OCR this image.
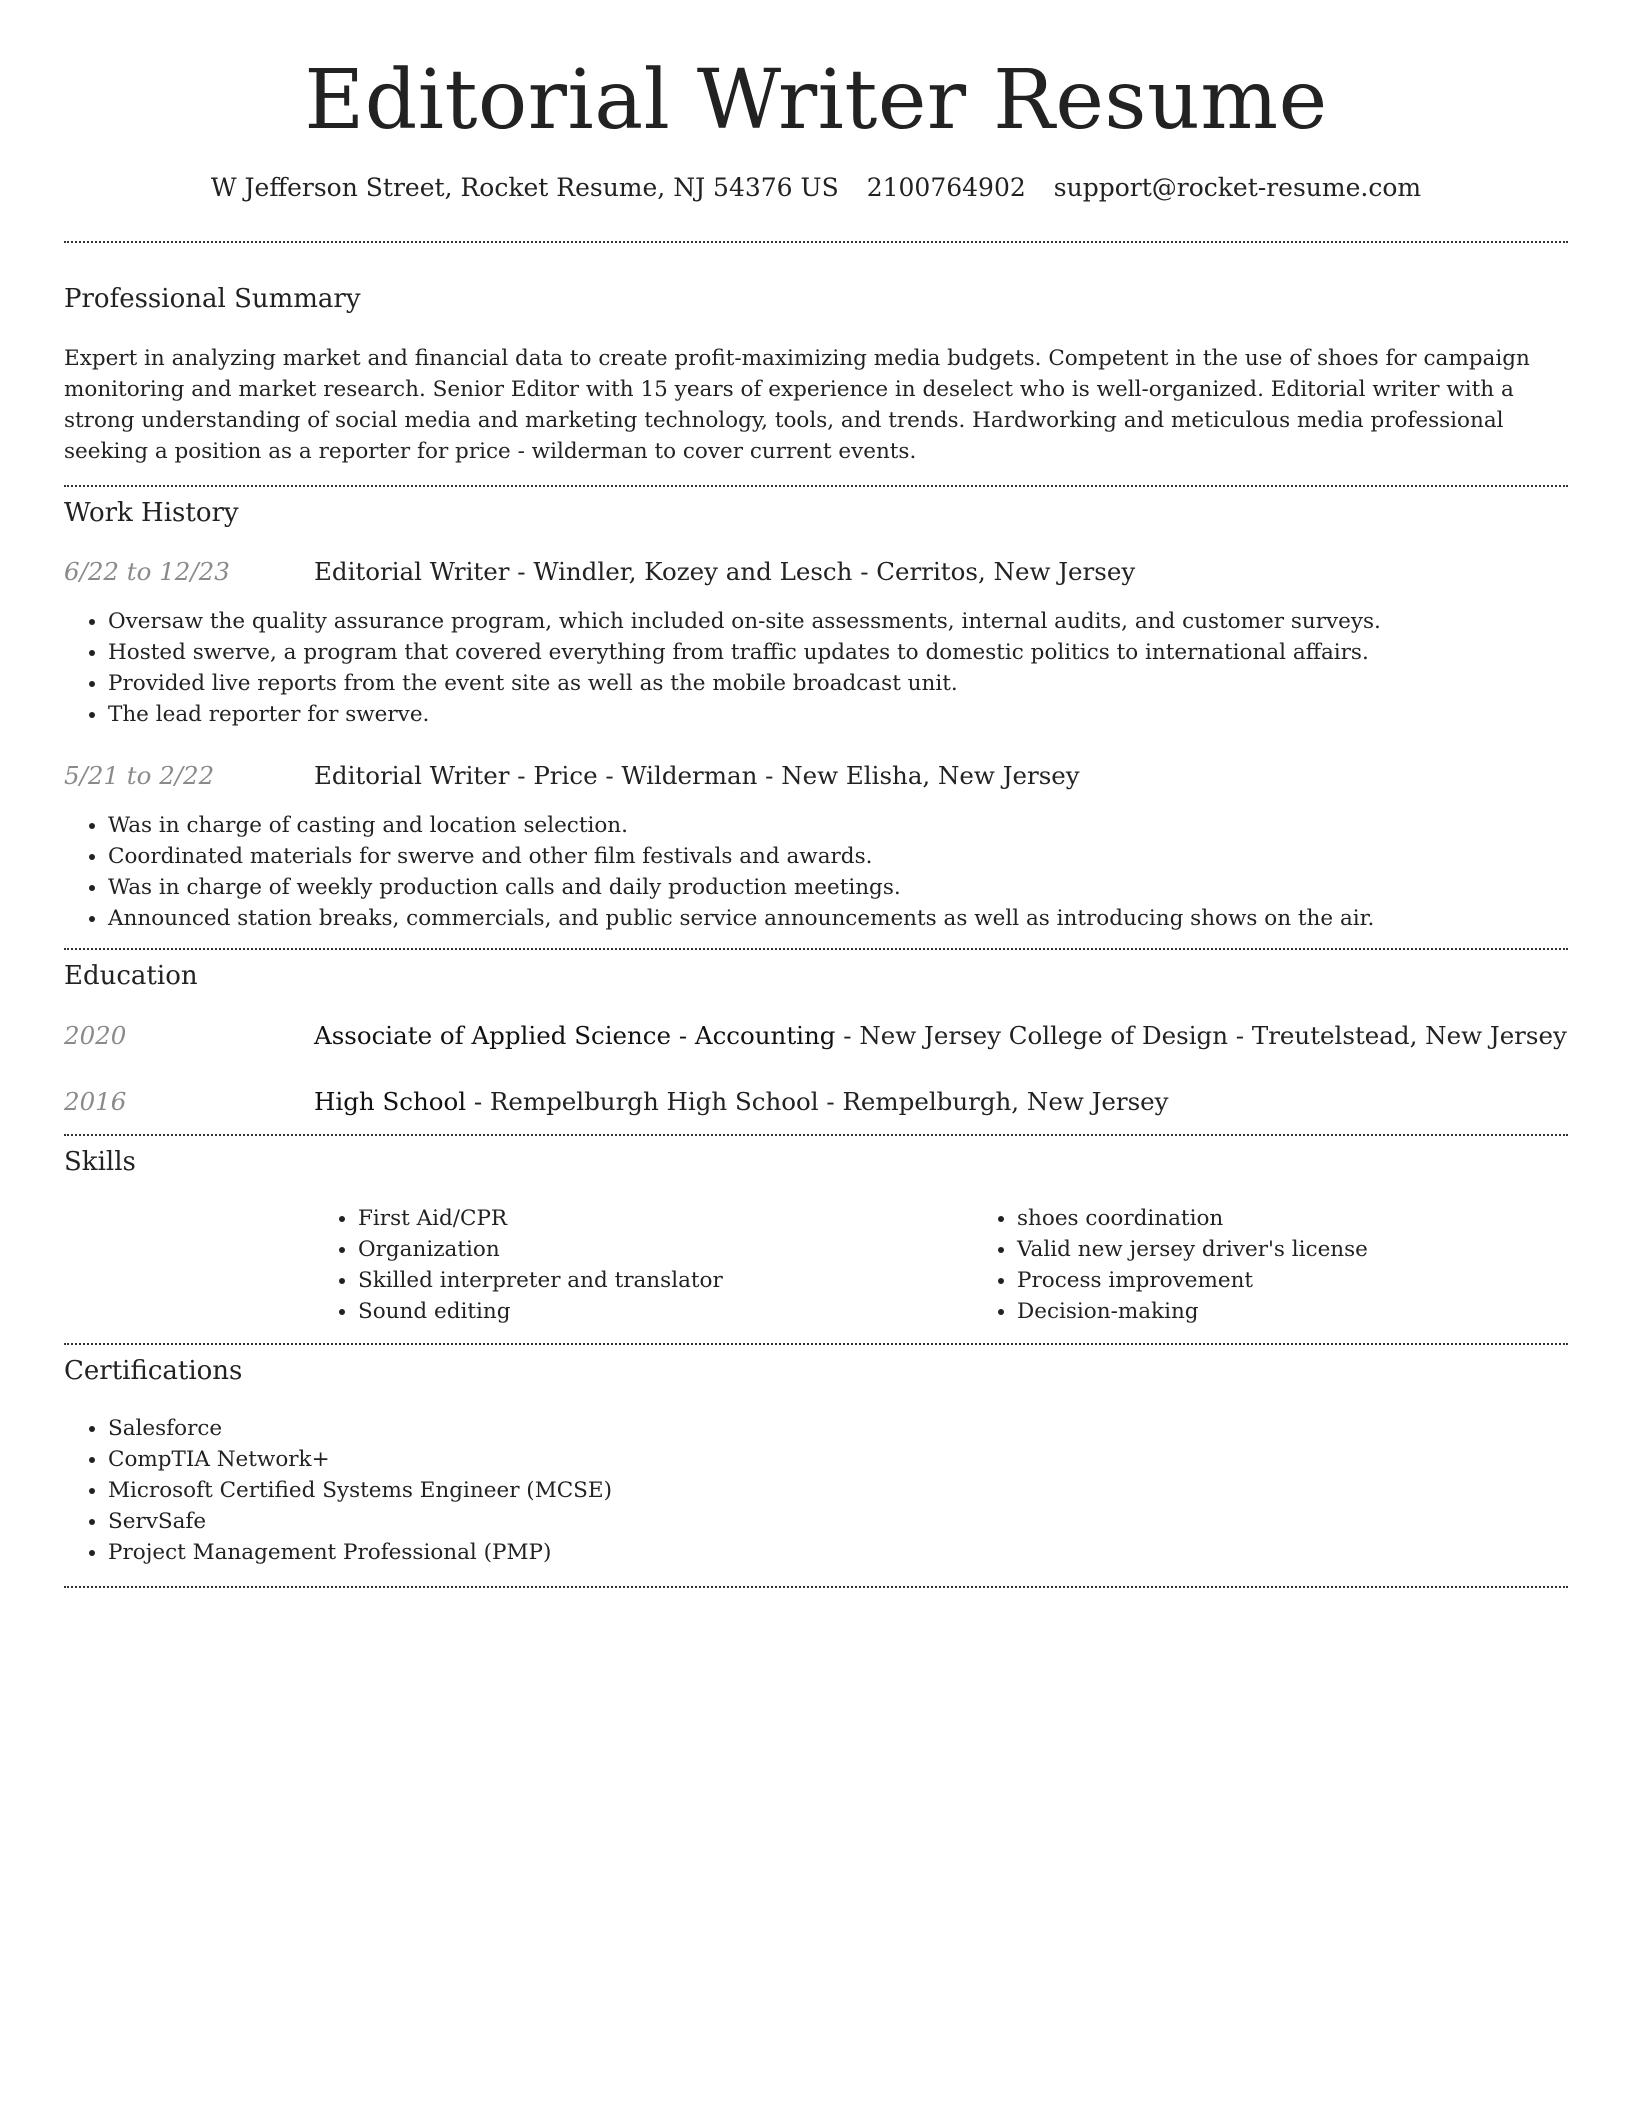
Editorial Writer Resume
W Jefferson Street, Rocket Resume, NJ 54376 US 2100764902 support@rocket-resume.com
Professional Summary

Expert in analyzing market and financial data to create profit-maximizing media budgets. Competent in the use of shoes for campaign monitoring and market research. Senior Editor with 15 years of experience in deselect who is well-organized. Editorial writer with a strong understanding of social media and marketing technology, tools, and trends. Hardworking and meticulous media professional seeking a position as a reporter for price - wilderman to cover current events.

Work History
6/22 to 12/23	Editorial Writer - Windler, Kozey and Lesch - Cerritos, New Jersey
• Oversaw the quality assurance program, which included on-site assessments, internal audits, and customer surveys.
• Hosted swerve, a program that covered everything from traffic updates to domestic politics to international affairs.
• Provided live reports from the event site as well as the mobile broadcast unit.
• The lead reporter for swerve.
5/21 to 2/22	Editorial Writer - Price - Wilderman - New Elisha, New Jersey
• Was in charge of casting and location selection.
• Coordinated materials for swerve and other film festivals and awards.
• Was in charge of weekly production calls and daily production meetings.
• Announced station breaks, commercials, and public service announcements as well as introducing shows on the air.
Education
2020	Associate of Applied Science - Accounting - New Jersey College of Design - Treutelstead, New Jersey
2016	High School - Rempelburgh High School - Rempelburgh, New Jersey
Skills
• First Aid/CPR
• Organization
• Skilled interpreter and translator
• Sound editing
• shoes coordination
• Valid new jersey driver's license
• Process improvement
• Decision-making
Certifications
• Salesforce
• CompTIA Network+
• Microsoft Certified Systems Engineer (MCSE)
• ServSafe
• Project Management Professional (PMP)
